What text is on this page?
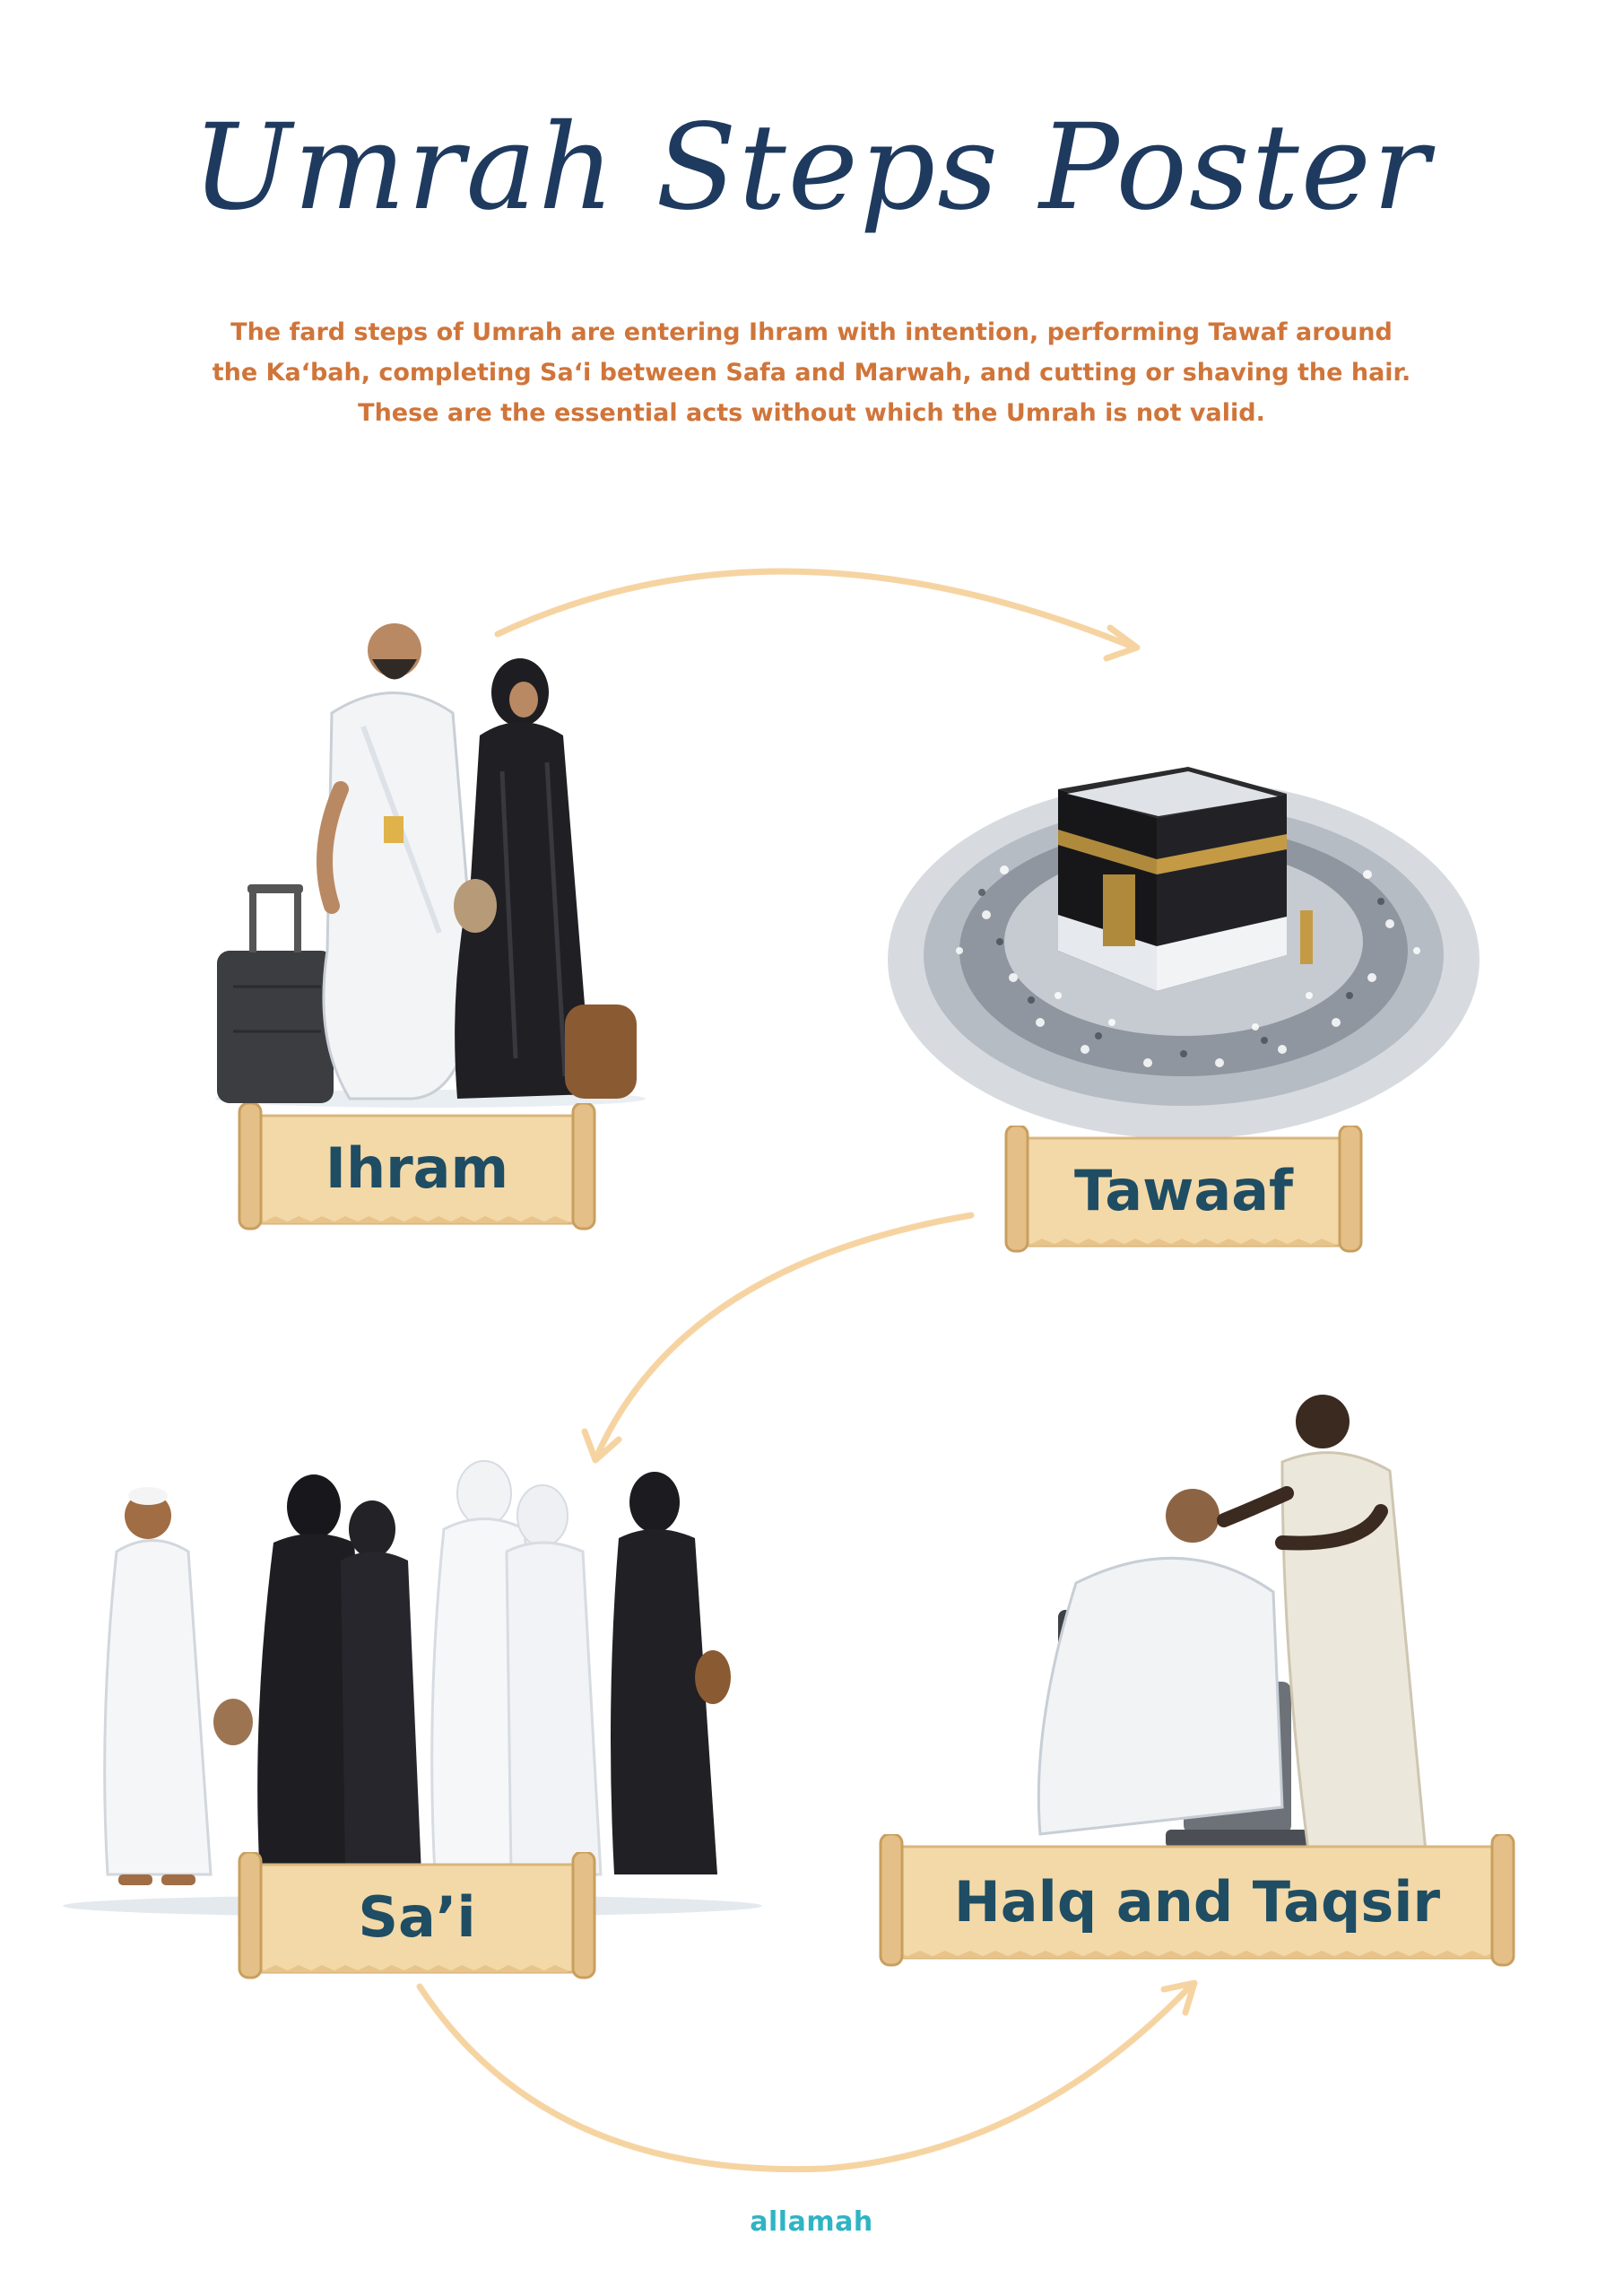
Umrah Steps Poster
The fard steps of Umrah are entering Ihram with intention, performing Tawaf around
the Ka‘bah, completing Sa‘i between Safa and Marwah, and cutting or shaving the hair.
These are the essential acts without which the Umrah is not valid.
Ihram	Tawaaf
Sa’i	Halq and Taqsir
allamah
